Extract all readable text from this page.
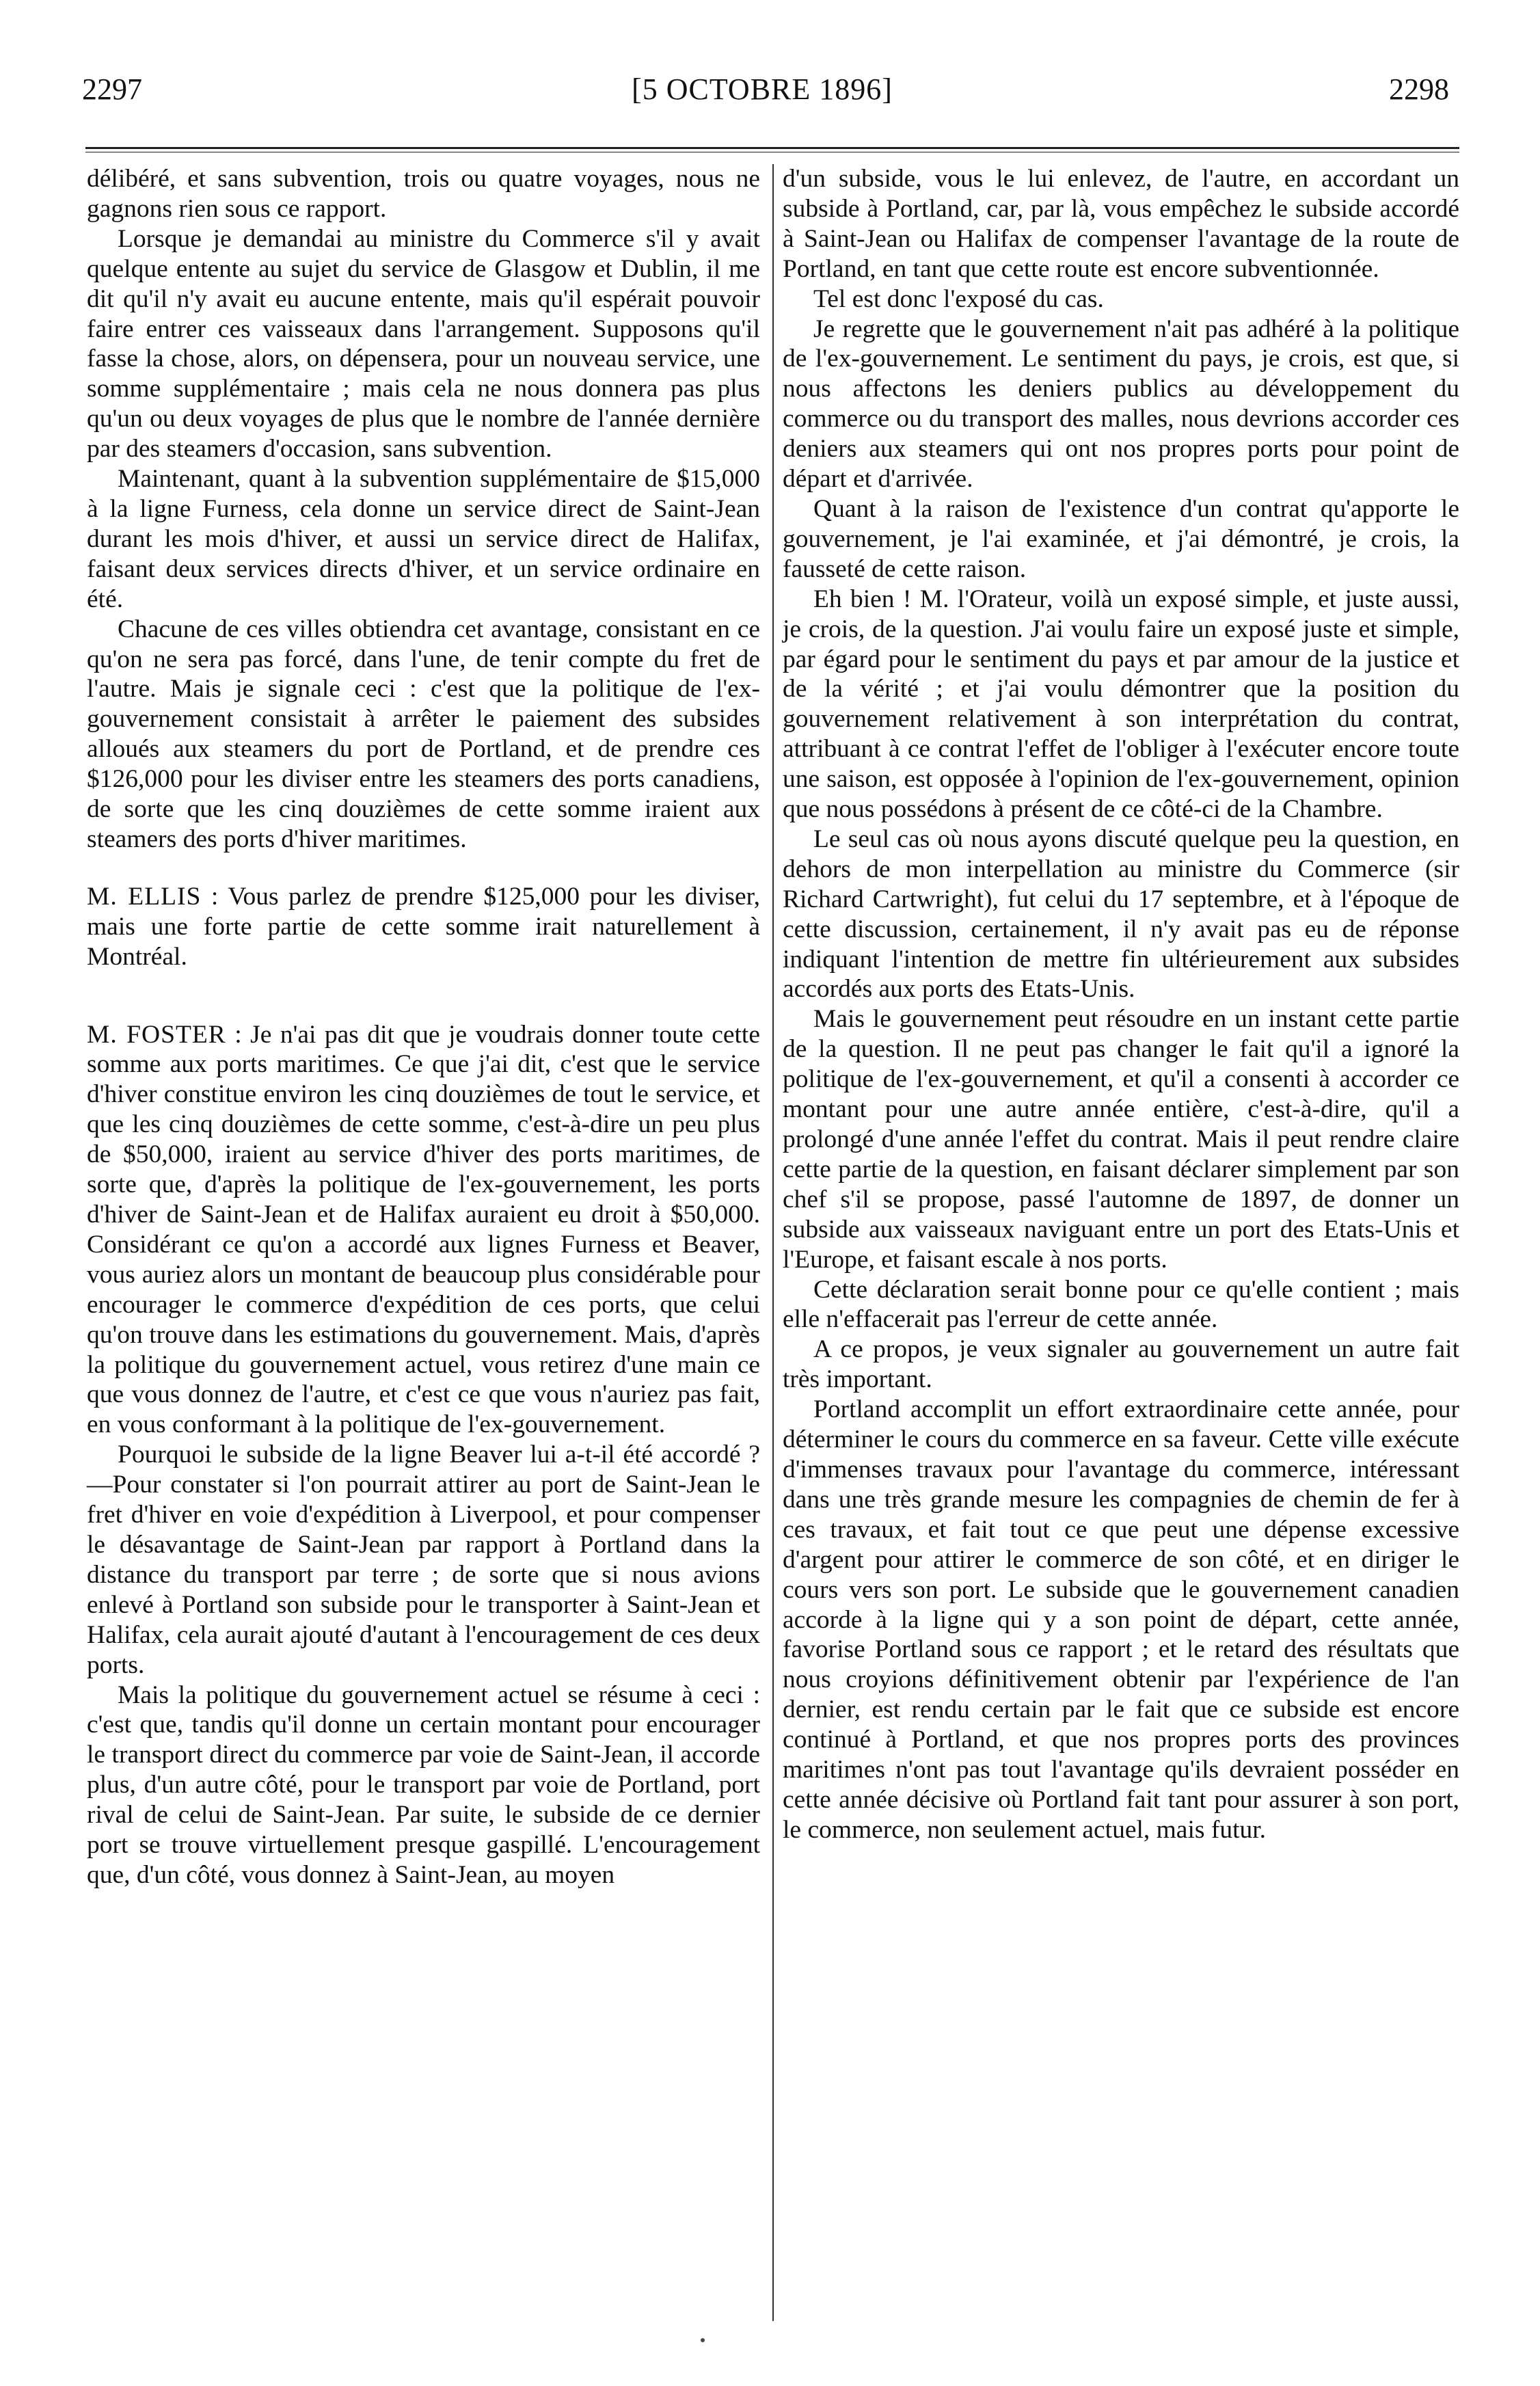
2297	[5 OCTOBRE 1896]	2298

délibéré, et sans subvention, trois ou quatre voyages, nous ne gagnons rien sous ce rapport.

Lorsque je demandai au ministre du Commerce s'il y avait quelque entente au sujet du service de Glasgow et Dublin, il me dit qu'il n'y avait eu aucune entente, mais qu'il espérait pouvoir faire entrer ces vaisseaux dans l'arrangement. Supposons qu'il fasse la chose, alors, on dépensera, pour un nouveau service, une somme supplémentaire ; mais cela ne nous donnera pas plus qu'un ou deux voyages de plus que le nombre de l'année dernière par des steamers d'occasion, sans subvention.

Maintenant, quant à la subvention supplémentaire de $15,000 à la ligne Furness, cela donne un service direct de Saint-Jean durant les mois d'hiver, et aussi un service direct de Halifax, faisant deux services directs d'hiver, et un service ordinaire en été.

Chacune de ces villes obtiendra cet avantage, consistant en ce qu'on ne sera pas forcé, dans l'une, de tenir compte du fret de l'autre. Mais je signale ceci : c'est que la politique de l'ex-gouvernement consistait à arrêter le paiement des subsides alloués aux steamers du port de Portland, et de prendre ces $126,000 pour les diviser entre les steamers des ports canadiens, de sorte que les cinq douzièmes de cette somme iraient aux steamers des ports d'hiver maritimes.

M. ELLIS : Vous parlez de prendre $125,000 pour les diviser, mais une forte partie de cette somme irait naturellement à Montréal.

M. FOSTER : Je n'ai pas dit que je voudrais donner toute cette somme aux ports maritimes. Ce que j'ai dit, c'est que le service d'hiver constitue environ les cinq douzièmes de tout le service, et que les cinq douzièmes de cette somme, c'est-à-dire un peu plus de $50,000, iraient au service d'hiver des ports maritimes, de sorte que, d'après la politique de l'ex-gouvernement, les ports d'hiver de Saint-Jean et de Halifax auraient eu droit à $50,000. Considérant ce qu'on a accordé aux lignes Furness et Beaver, vous auriez alors un montant de beaucoup plus considérable pour encourager le commerce d'expédition de ces ports, que celui qu'on trouve dans les estimations du gouvernement. Mais, d'après la politique du gouvernement actuel, vous retirez d'une main ce que vous donnez de l'autre, et c'est ce que vous n'auriez pas fait, en vous conformant à la politique de l'ex-gouvernement.

Pourquoi le subside de la ligne Beaver lui a-t-il été accordé ?—Pour constater si l'on pourrait attirer au port de Saint-Jean le fret d'hiver en voie d'expédition à Liverpool, et pour compenser le désavantage de Saint-Jean par rapport à Portland dans la distance du transport par terre ; de sorte que si nous avions enlevé à Portland son subside pour le transporter à Saint-Jean et Halifax, cela aurait ajouté d'autant à l'encouragement de ces deux ports.

Mais la politique du gouvernement actuel se résume à ceci : c'est que, tandis qu'il donne un certain montant pour encourager le transport direct du commerce par voie de Saint-Jean, il accorde plus, d'un autre côté, pour le transport par voie de Portland, port rival de celui de Saint-Jean. Par suite, le subside de ce dernier port se trouve virtuellement presque gaspillé. L'encouragement que, d'un côté, vous donnez à Saint-Jean, au moyen

d'un subside, vous le lui enlevez, de l'autre, en accordant un subside à Portland, car, par là, vous empêchez le subside accordé à Saint-Jean ou Halifax de compenser l'avantage de la route de Portland, en tant que cette route est encore subventionnée.

Tel est donc l'exposé du cas.

Je regrette que le gouvernement n'ait pas adhéré à la politique de l'ex-gouvernement. Le sentiment du pays, je crois, est que, si nous affectons les deniers publics au développement du commerce ou du transport des malles, nous devrions accorder ces deniers aux steamers qui ont nos propres ports pour point de départ et d'arrivée.

Quant à la raison de l'existence d'un contrat qu'apporte le gouvernement, je l'ai examinée, et j'ai démontré, je crois, la fausseté de cette raison.

Eh bien ! M. l'Orateur, voilà un exposé simple, et juste aussi, je crois, de la question. J'ai voulu faire un exposé juste et simple, par égard pour le sentiment du pays et par amour de la justice et de la vérité ; et j'ai voulu démontrer que la position du gouvernement relativement à son interprétation du contrat, attribuant à ce contrat l'effet de l'obliger à l'exécuter encore toute une saison, est opposée à l'opinion de l'ex-gouvernement, opinion que nous possédons à présent de ce côté-ci de la Chambre.

Le seul cas où nous ayons discuté quelque peu la question, en dehors de mon interpellation au ministre du Commerce (sir Richard Cartwright), fut celui du 17 septembre, et à l'époque de cette discussion, certainement, il n'y avait pas eu de réponse indiquant l'intention de mettre fin ultérieurement aux subsides accordés aux ports des Etats-Unis.

Mais le gouvernement peut résoudre en un instant cette partie de la question. Il ne peut pas changer le fait qu'il a ignoré la politique de l'ex-gouvernement, et qu'il a consenti à accorder ce montant pour une autre année entière, c'est-à-dire, qu'il a prolongé d'une année l'effet du contrat. Mais il peut rendre claire cette partie de la question, en faisant déclarer simplement par son chef s'il se propose, passé l'automne de 1897, de donner un subside aux vaisseaux naviguant entre un port des Etats-Unis et l'Europe, et faisant escale à nos ports.

Cette déclaration serait bonne pour ce qu'elle contient ; mais elle n'effacerait pas l'erreur de cette année.

A ce propos, je veux signaler au gouvernement un autre fait très important.

Portland accomplit un effort extraordinaire cette année, pour déterminer le cours du commerce en sa faveur. Cette ville exécute d'immenses travaux pour l'avantage du commerce, intéressant dans une très grande mesure les compagnies de chemin de fer à ces travaux, et fait tout ce que peut une dépense excessive d'argent pour attirer le commerce de son côté, et en diriger le cours vers son port. Le subside que le gouvernement canadien accorde à la ligne qui y a son point de départ, cette année, favorise Portland sous ce rapport ; et le retard des résultats que nous croyions définitivement obtenir par l'expérience de l'an dernier, est rendu certain par le fait que ce subside est encore continué à Portland, et que nos propres ports des provinces maritimes n'ont pas tout l'avantage qu'ils devraient posséder en cette année décisive où Portland fait tant pour assurer à son port, le commerce, non seulement actuel, mais futur.
